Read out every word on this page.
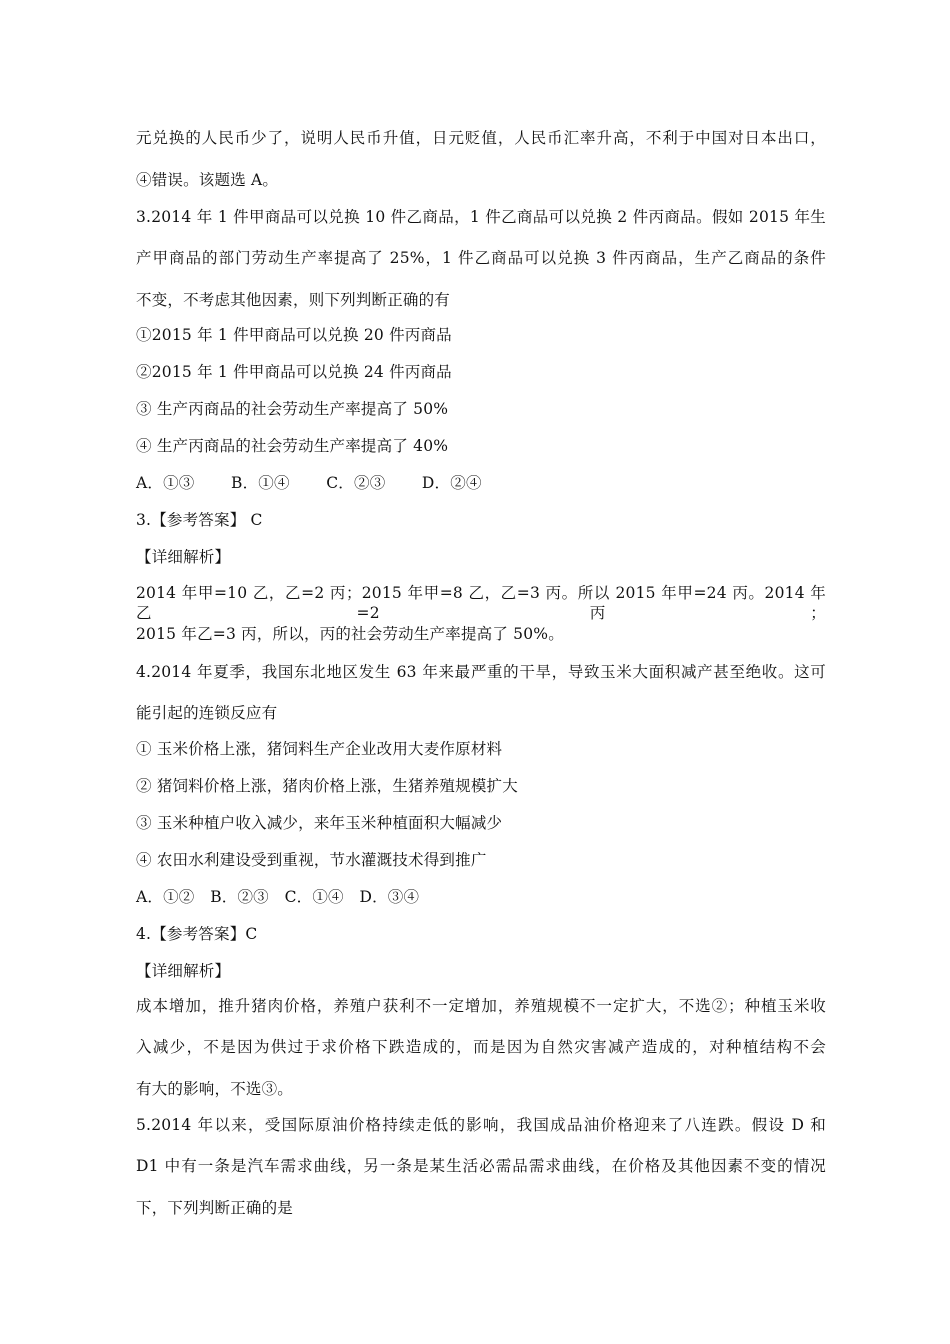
元兑换的人民币少了，说明人民币升值，日元贬值，人民币汇率升高，不利于中国对日本出口，
④错误。该题选 A。
3.2014 年 1 件甲商品可以兑换 10 件乙商品，1 件乙商品可以兑换 2 件丙商品。假如 2015 年生
产甲商品的部门劳动生产率提高了 25%，1 件乙商品可以兑换 3 件丙商品，生产乙商品的条件
不变，不考虑其他因素，则下列判断正确的有
①2015 年 1 件甲商品可以兑换 20 件丙商品
②2015 年 1 件甲商品可以兑换 24 件丙商品
③ 生产丙商品的社会劳动生产率提高了 50%
④ 生产丙商品的社会劳动生产率提高了 40%
A．①③　　 B．①④　　 C．②③　　 D．②④
3.【参考答案】 C
【详细解析】
2014 年甲=10 乙，乙=2 丙；2015 年甲=8 乙，乙=3 丙。所以 2015 年甲=24 丙。2014 年乙=2 丙；
2015 年乙=3 丙，所以，丙的社会劳动生产率提高了 50%。
4.2014 年夏季，我国东北地区发生 63 年来最严重的干旱，导致玉米大面积减产甚至绝收。这可
能引起的连锁反应有
① 玉米价格上涨，猪饲料生产企业改用大麦作原材料
② 猪饲料价格上涨，猪肉价格上涨，生猪养殖规模扩大
③ 玉米种植户收入减少，来年玉米种植面积大幅减少
④ 农田水利建设受到重视，节水灌溉技术得到推广
A．①②　B．②③　C．①④　D．③④
4.【参考答案】C
【详细解析】
成本增加，推升猪肉价格，养殖户获利不一定增加，养殖规模不一定扩大，不选②；种植玉米收
入减少，不是因为供过于求价格下跌造成的，而是因为自然灾害减产造成的，对种植结构不会
有大的影响，不选③。
5.2014 年以来，受国际原油价格持续走低的影响，我国成品油价格迎来了八连跌。假设 D 和
D1 中有一条是汽车需求曲线，另一条是某生活必需品需求曲线，在价格及其他因素不变的情况
下，下列判断正确的是
